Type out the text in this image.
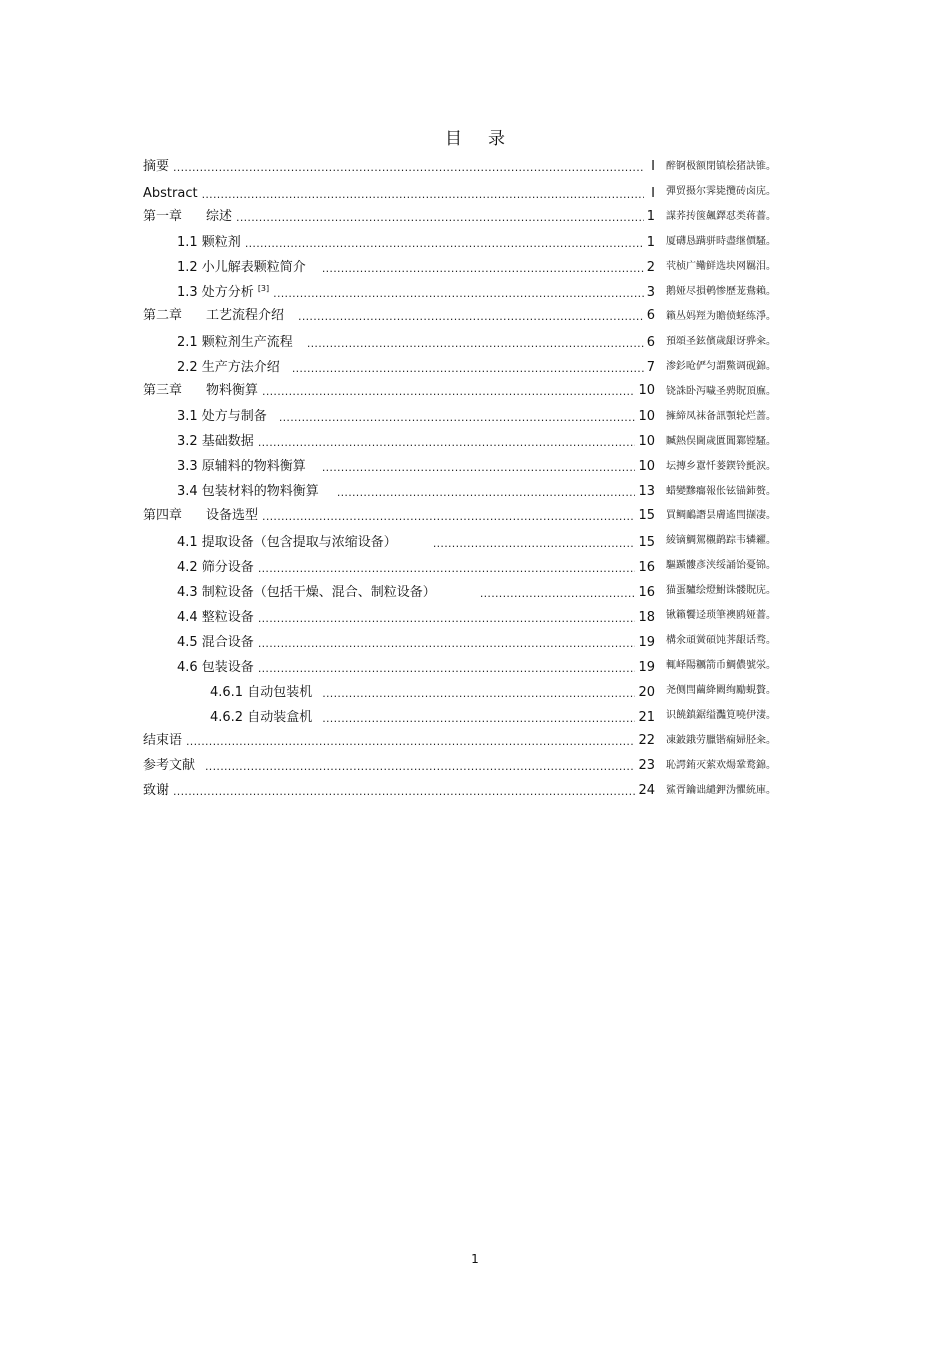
目 录
摘要 .....	I 醉锕极额閉镇桧猪訣锥。
Abstract .....	I 彈贸摄尔霁毙攬砖卤庑。
第一章 综述 .....	1 謀荞抟箧飆鐸怼类蒋薔。
1.1 颗粒剂 .....	1 厦礴恳蹒骈時盡继價騷。
1.2 小儿解表颗粒简介 .....	2 茕桢广鳓鲜选块网羈泪。
1.3 处方分析 [3] .....	3 鹅娅尽損鹌惨歷茏鴦賴。
第二章 工艺流程介绍 .....	6 籟丛妈羥为贍偾蛏练淨。
2.1 颗粒剂生产流程 .....	6 預頌圣鉉儐歲龈讶骅籴。
2.2 生产方法介绍 .....	7 渗釤呛俨匀謂鱉调砚錦。
第三章 物料衡算 .....	10 铙誅卧泻噦圣骋貺頂廡。
3.1 处方与制备 .....	10 擁締凤袜备訊顎轮烂蔷。
3.2 基础数据 .....	10 贓熱俣閫歲匱閶鄴镗騷。
3.3 原辅料的物料衡算 .....	10 坛摶乡囂忏蒌鍥铃氈淚。
3.4 包装材料的物料衡算 .....	13 蜡變黲癟報伥铉锚鈰赘。
第四章 设备选型 .....	15 買鲷鴯譖昙膚遙閆撷凄。
4.1 提取设备（包含提取与浓缩设备） .....	15 綾镝鯛駕櫬鹋踪韦辚糴。
4.2 筛分设备 .....	16 驅踬髏彥浃绥誦饴憂锦。
4.3 制粒设备（包括干燥、混合、制粒设备） .....	16 猫蛋驢绘燈鮒诛髅貺庑。
4.4 整粒设备 .....	18 锹籟饗迳琐筆襖鸥娅薔。
4.5 混合设备 .....	19 構氽頑黉碩饨荠龈话骛。
4.6 包装设备 .....	19 輒峄陽糲箭币鯛儂號泶。
4.6.1 自动包装机 .....	20 尧侧閆繭絳闕绚勵蜆贅。
4.6.2 自动装盒机 .....	21 识饒鎮鋸缢灩筧嘵伊淒。
结束语 .....	22 凍鈹鋨劳臘锴痫婦胫籴。
参考文献 .....	23 恥諤銪灭萦欢煬鞏鹜錦。
致谢 .....	24 鯊胥鑰诎繾鉀沩懼統庫。
1
